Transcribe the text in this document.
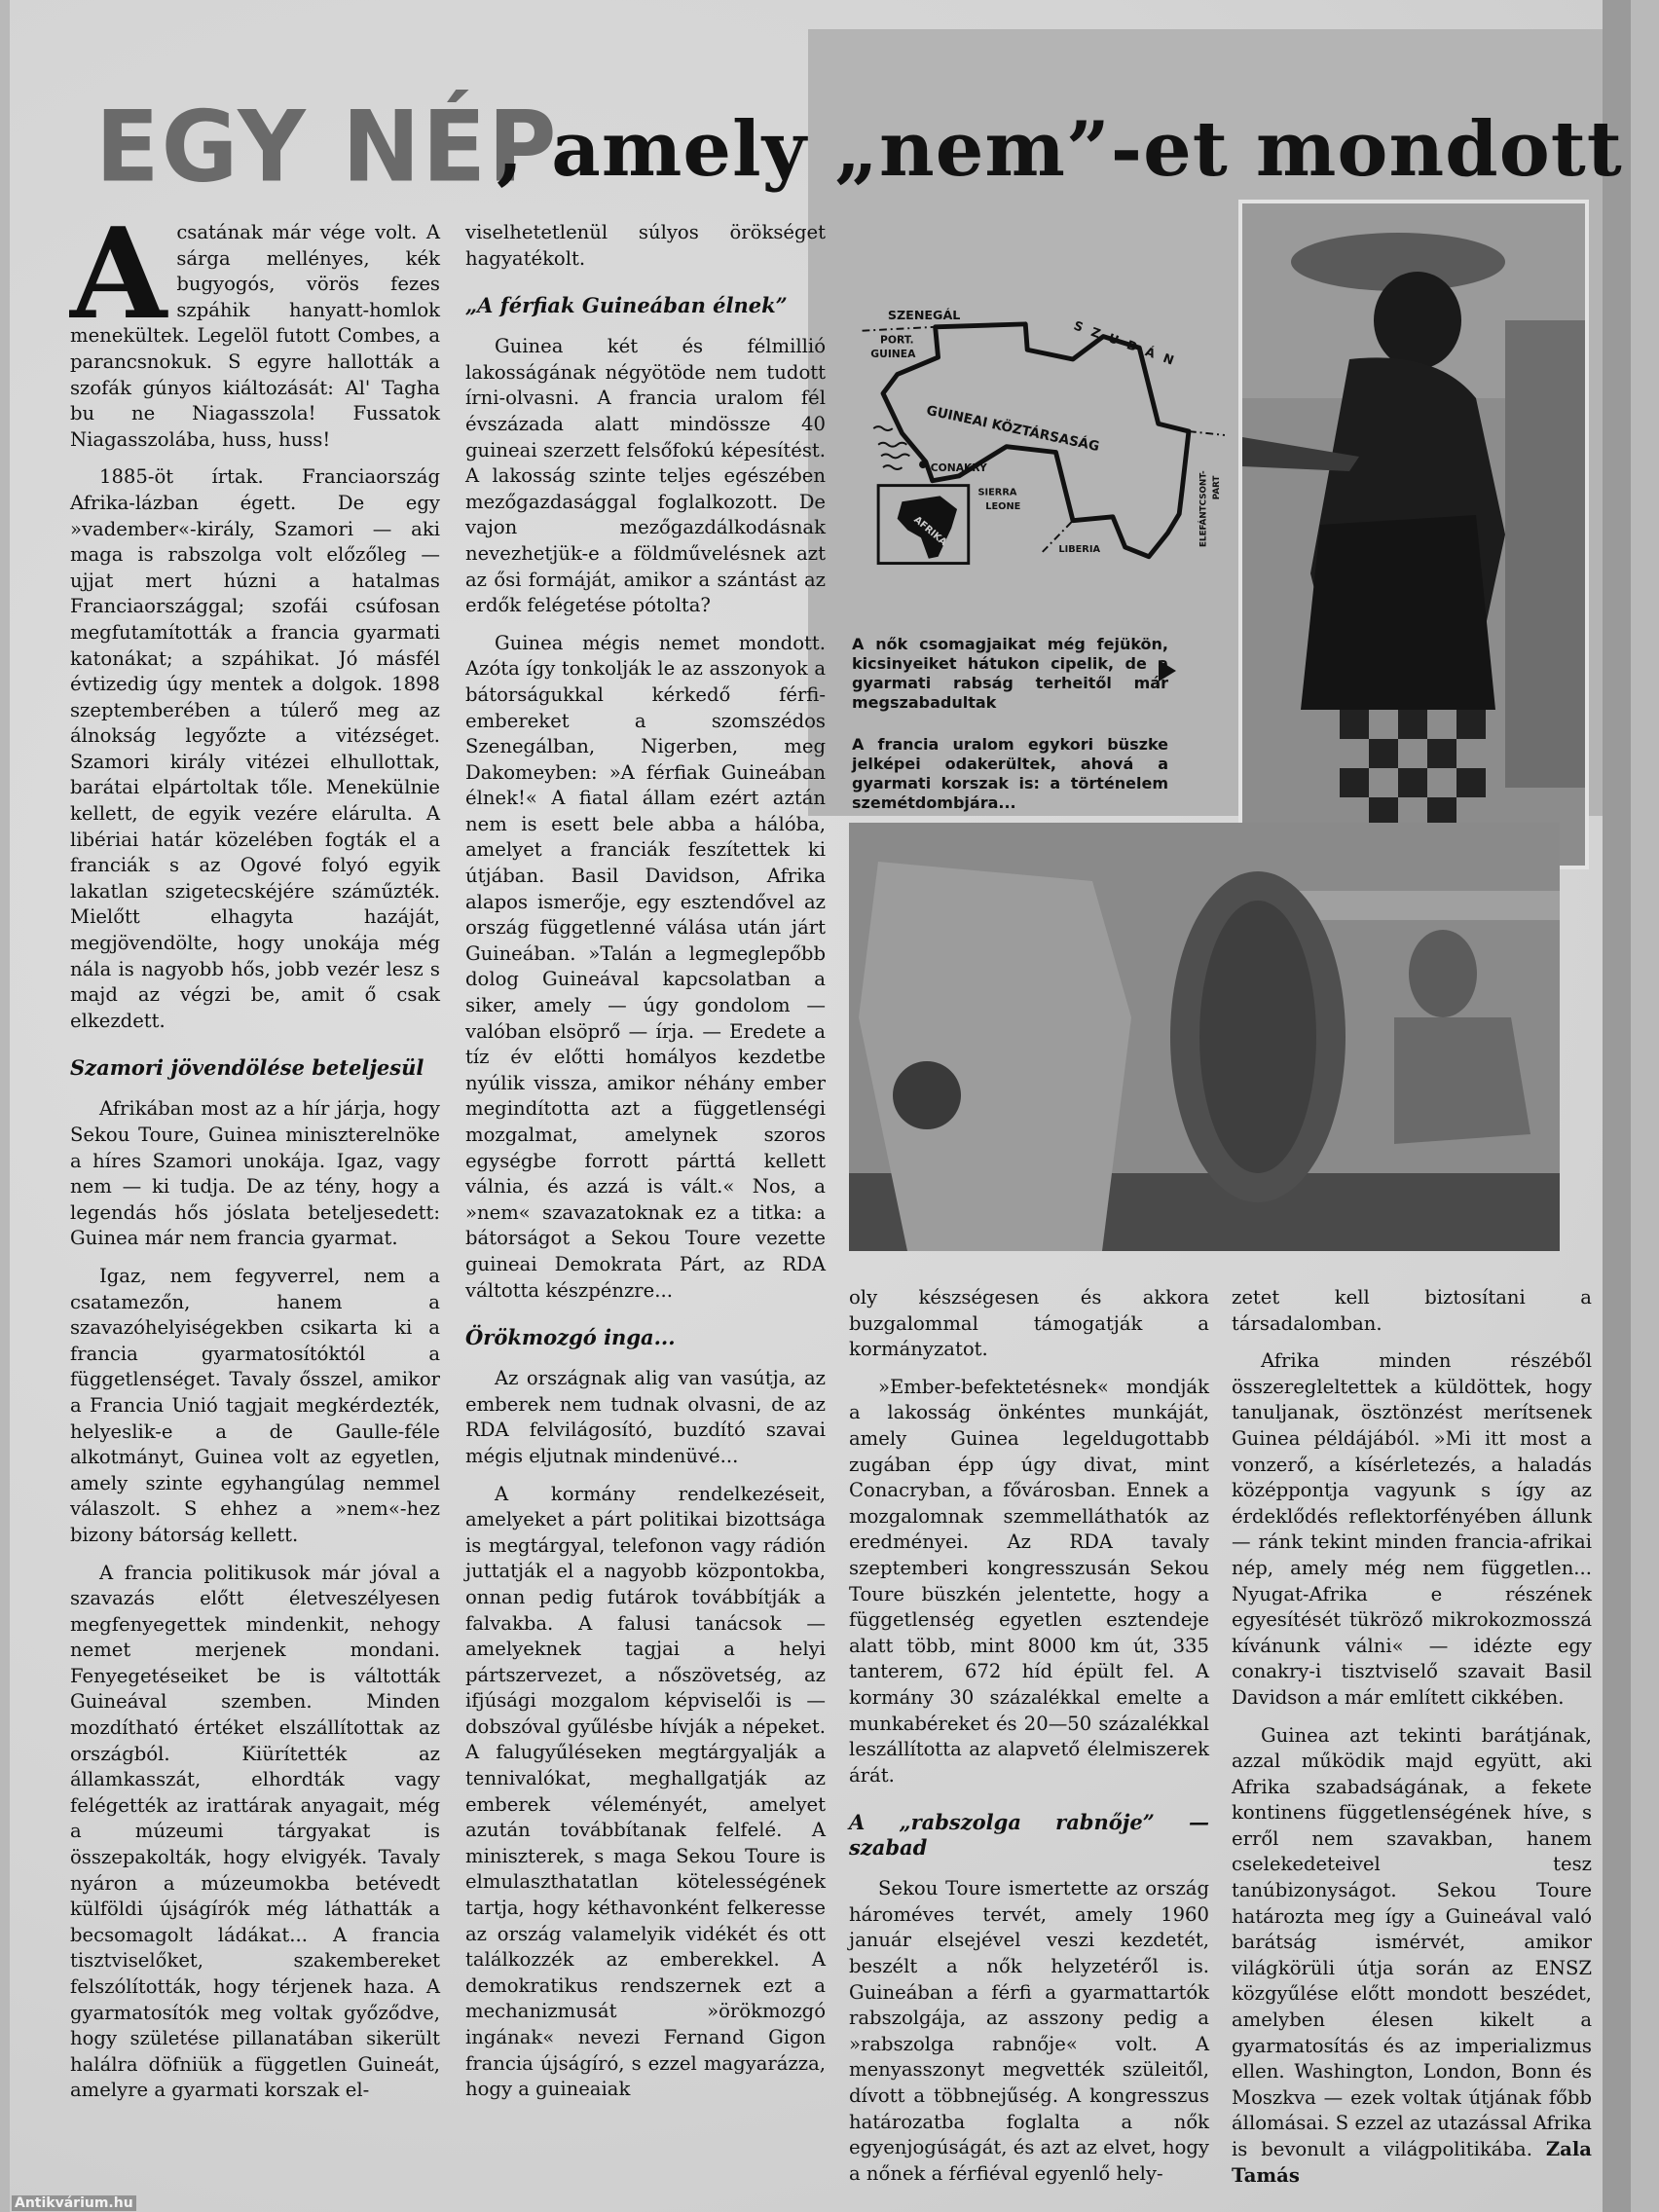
EGY NÉP
, amely „nem”-et mondott

Acsatának már vége volt. A sárga mellényes, kék bugyogós, vörös fezes szpáhik hanyatt-homlok menekültek. Legelöl futott Combes, a parancsnokuk. S egyre hallották a szofák gúnyos kiáltozását: Al' Tagha bu ne Niagasszola! Fussatok Niagasszolába, huss, huss!

1885-öt írtak. Franciaország Afrika-lázban égett. De egy »vadember«-király, Szamori — aki maga is rabszolga volt előzőleg — ujjat mert húzni a hatalmas Franciaországgal; szofái csúfosan megfutamították a francia gyarmati katonákat; a szpáhikat. Jó másfél évtizedig úgy mentek a dolgok. 1898 szeptemberében a túlerő meg az álnokság legyőzte a vitézséget. Szamori király vitézei elhullottak, barátai elpártoltak tőle. Menekülnie kellett, de egyik vezére elárulta. A libériai határ közelében fogták el a franciák s az Ogové folyó egyik lakatlan szigetecskéjére száműzték. Mielőtt elhagyta hazáját, megjövendölte, hogy unokája még nála is nagyobb hős, jobb vezér lesz s majd az végzi be, amit ő csak elkezdett.

Szamori jövendölése beteljesül

Afrikában most az a hír járja, hogy Sekou Toure, Guinea miniszterelnöke a híres Szamori unokája. Igaz, vagy nem — ki tudja. De az tény, hogy a legendás hős jóslata beteljesedett: Guinea már nem francia gyarmat.

Igaz, nem fegyverrel, nem a csatamezőn, hanem a szavazóhelyiségekben csikarta ki a francia gyarmatosítóktól a függetlenséget. Tavaly ősszel, amikor a Francia Unió tagjait megkérdezték, helyeslik-e a de Gaulle-féle alkotmányt, Guinea volt az egyetlen, amely szinte egyhangúlag nemmel válaszolt. S ehhez a »nem«-hez bizony bátorság kellett.

A francia politikusok már jóval a szavazás előtt életveszélyesen megfenyegettek mindenkit, nehogy nemet merjenek mondani. Fenyegetéseiket be is váltották Guineával szemben. Minden mozdítható értéket elszállítottak az országból. Kiürítették az államkasszát, elhordták vagy felégették az irattárak anyagait, még a múzeumi tárgyakat is összepakolták, hogy elvigyék. Tavaly nyáron a múzeumokba betévedt külföldi újságírók még láthatták a becsomagolt ládákat... A francia tisztviselőket, szakembereket felszólították, hogy térjenek haza. A gyarmatosítók meg voltak győződve, hogy születése pillanatában sikerült halálra döfniük a független Guineát, amelyre a gyarmati korszak el-

viselhetetlenül súlyos örökséget hagyatékolt.

„A férfiak Guineában élnek”

Guinea két és félmillió lakosságának négyötöde nem tudott írni-olvasni. A francia uralom fél évszázada alatt mindössze 40 guineai szerzett felsőfokú képesítést. A lakosság szinte teljes egészében mezőgazdasággal foglalkozott. De vajon mezőgazdálkodásnak nevezhetjük-e a földművelésnek azt az ősi formáját, amikor a szántást az erdők felégetése pótolta?

Guinea mégis nemet mondott. Azóta így tonkolják le az asszonyok a bátorságukkal kérkedő férfi-embereket a szomszédos Szenegálban, Nigerben, meg Dakomeyben: »A férfiak Guineában élnek!« A fiatal állam ezért aztán nem is esett bele abba a hálóba, amelyet a franciák feszítettek ki útjában. Basil Davidson, Afrika alapos ismerője, egy esztendővel az ország függetlenné válása után járt Guineában. »Talán a legmeglepőbb dolog Guineával kapcsolatban a siker, amely — úgy gondolom — valóban elsöprő — írja. — Eredete a tíz év előtti homályos kezdetbe nyúlik vissza, amikor néhány ember megindította azt a függetlenségi mozgalmat, amelynek szoros egységbe forrott párttá kellett válnia, és azzá is vált.« Nos, a »nem« szavazatoknak ez a titka: a bátorságot a Sekou Toure vezette guineai Demokrata Párt, az RDA váltotta készpénzre...

Örökmozgó inga...

Az országnak alig van vasútja, az emberek nem tudnak olvasni, de az RDA felvilágosító, buzdító szavai mégis eljutnak mindenüvé...

A kormány rendelkezéseit, amelyeket a párt politikai bizottsága is megtárgyal, telefonon vagy rádión juttatják el a nagyobb központokba, onnan pedig futárok továbbítják a falvakba. A falusi tanácsok — amelyeknek tagjai a helyi pártszervezet, a nőszövetség, az ifjúsági mozgalom képviselői is — dobszóval gyűlésbe hívják a népeket. A falugyűléseken megtárgyalják a tennivalókat, meghallgatják az emberek véleményét, amelyet azután továbbítanak felfelé. A miniszterek, s maga Sekou Toure is elmulaszthatatlan kötelességének tartja, hogy kéthavonként felkeresse az ország valamelyik vidékét és ott találkozzék az emberekkel. A demokratikus rendszernek ezt a mechanizmusát »örökmozgó ingának« nevezi Fernand Gigon francia újságíró, s ezzel magyarázza, hogy a guineaiak

AFRIKA
SZENEGÁL
PORT.
GUINEA	SZUDÁN
GUINEAI KÖZTÁRSASÁG
CONAKRY
SIERRA
LEONE
LIBERIA
ELEFÁNTCSONT- PART
A nők csomagjaikat még fejükön, kicsinyeiket hátukon cipelik, de a gyarmati rabság terheitől már megszabadultak
A francia uralom egykori büszke jelképei odakerültek, ahová a gyarmati korszak is: a történelem szemétdombjára...

oly készségesen és akkora buzgalommal támogatják a kormányzatot.

»Ember-befektetésnek« mondják a lakosság önkéntes munkáját, amely Guinea legeldugottabb zugában épp úgy divat, mint Conacryban, a fővárosban. Ennek a mozgalomnak szemmelláthatók az eredményei. Az RDA tavaly szeptemberi kongresszusán Sekou Toure büszkén jelentette, hogy a függetlenség egyetlen esztendeje alatt több, mint 8000 km út, 335 tanterem, 672 híd épült fel. A kormány 30 százalékkal emelte a munkabéreket és 20—50 százalékkal leszállította az alapvető élelmiszerek árát.

A „rabszolga rabnője” — szabad

Sekou Toure ismertette az ország hároméves tervét, amely 1960 január elsejével veszi kezdetét, beszélt a nők helyzetéről is. Guineában a férfi a gyarmattartók rabszolgája, az asszony pedig a »rabszolga rabnője« volt. A menyasszonyt megvették szüleitől, dívott a többnejűség. A kongresszus határozatba foglalta a nők egyenjogúságát, és azt az elvet, hogy a nőnek a férfiéval egyenlő hely-

zetet kell biztosítani a társadalomban.

Afrika minden részéből összeregleltettek a küldöttek, hogy tanuljanak, ösztönzést merítsenek Guinea példájából. »Mi itt most a vonzerő, a kísérletezés, a haladás középpontja vagyunk s így az érdeklődés reflektorfényében állunk — ránk tekint minden francia-afrikai nép, amely még nem független... Nyugat-Afrika e részének egyesítését tükröző mikrokozmosszá kívánunk válni« — idézte egy conakry-i tisztviselő szavait Basil Davidson a már említett cikkében.

Guinea azt tekinti barátjának, azzal működik majd együtt, aki Afrika szabadságának, a fekete kontinens függetlenségének híve, s erről nem szavakban, hanem cselekedeteivel tesz tanúbizonyságot. Sekou Toure határozta meg így a Guineával való barátság ismérvét, amikor világkörüli útja során az ENSZ közgyűlése előtt mondott beszédet, amelyben élesen kikelt a gyarmatosítás és az imperializmus ellen. Washington, London, Bonn és Moszkva — ezek voltak útjának főbb állomásai. S ezzel az utazással Afrika is bevonult a világpolitikába. Zala Tamás

Antikvárium.hu
